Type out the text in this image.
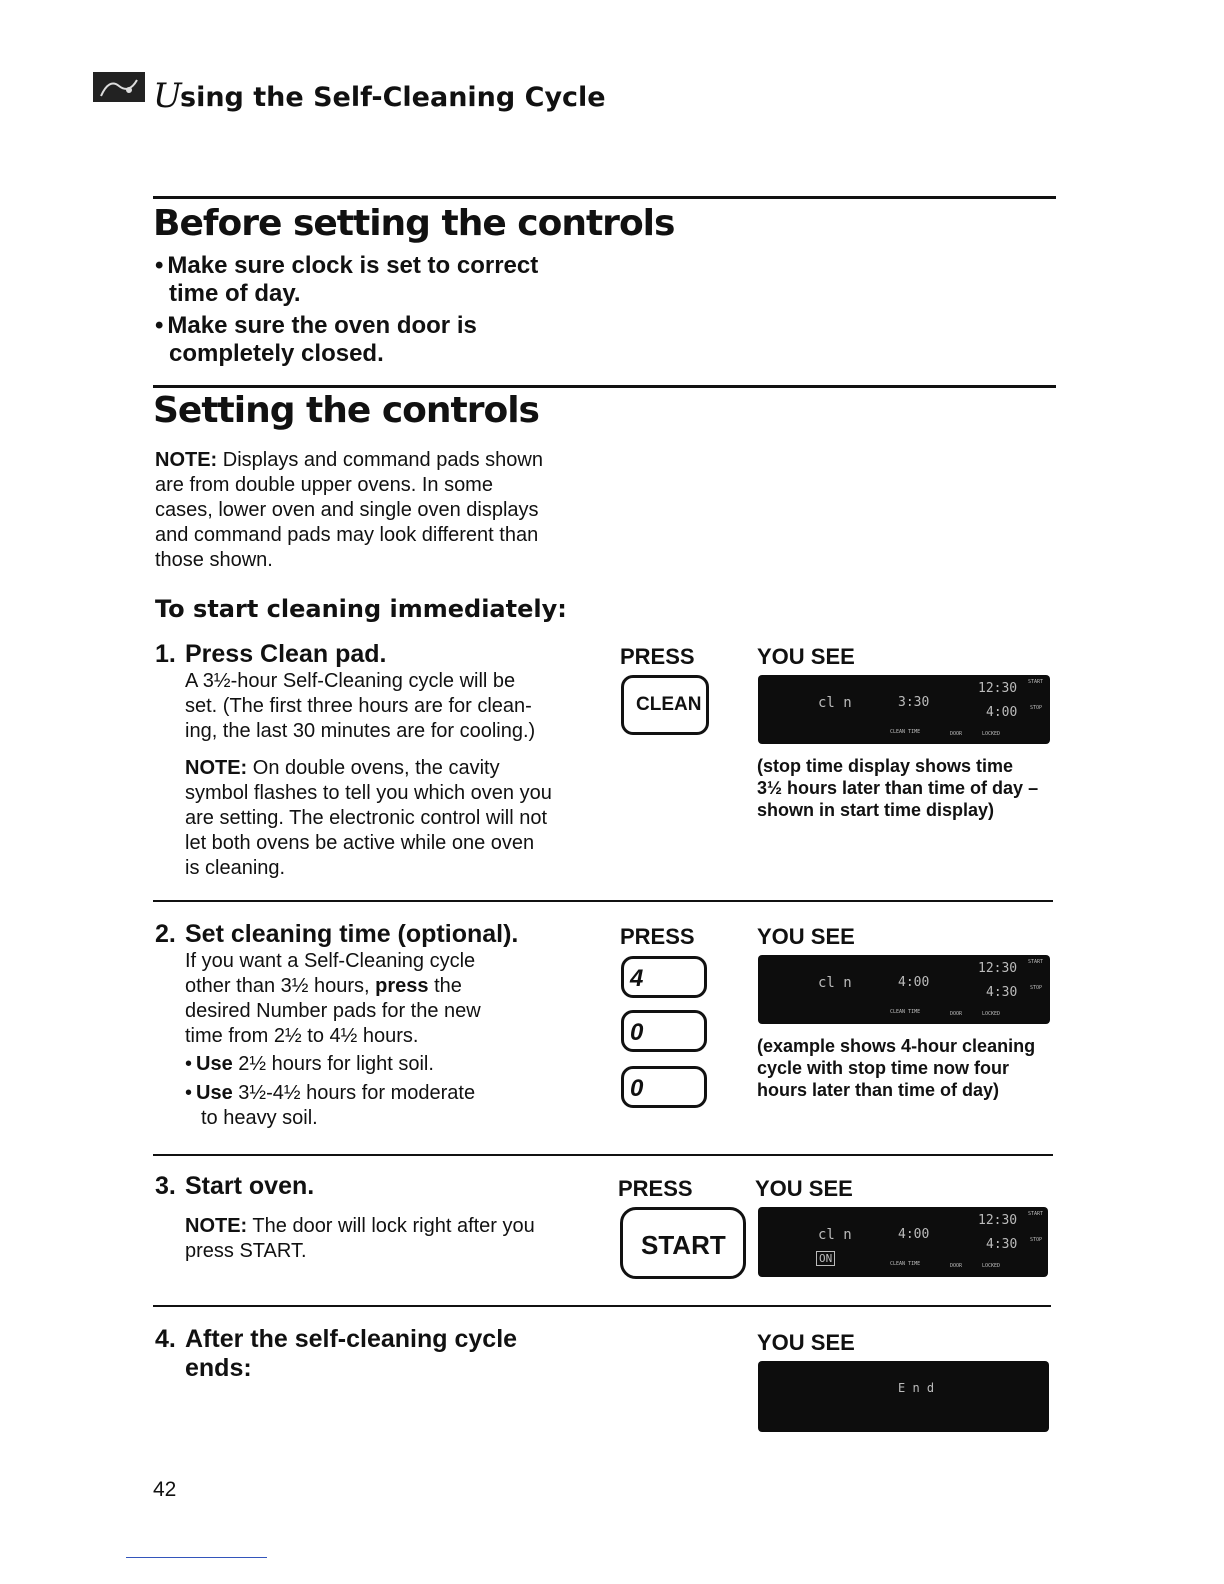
U
sing the Self-Cleaning Cycle
Before setting the controls
• Make sure clock is set to correct
time of day.
• Make sure the oven door is
completely closed.
Setting the controls
NOTE: Displays and command pads shown
are from double upper ovens. In some
cases, lower oven and single oven displays
and command pads may look different than
those shown.
To start cleaning immediately:
1. Press Clean pad.
A 3½-hour Self-Cleaning cycle will be
set. (The first three hours are for clean-
ing, the last 30 minutes are for cooling.)
NOTE: On double ovens, the cavity
symbol flashes to tell you which oven you
are setting. The electronic control will not
let both ovens be active while one oven
is cleaning.
PRESS	YOU SEE
CLEAN	cl n	3:30
12:30 START
4:00	STOP
CLEAN TIME	DOOR	LOCKED
(stop time display shows time
3½ hours later than time of day –
shown in start time display)
2. Set cleaning time (optional).
If you want a Self-Cleaning cycle
other than 3½ hours, press the
desired Number pads for the new
time from 2½ to 4½ hours.
• Use 2½ hours for light soil.
• Use 3½-4½ hours for moderate
to heavy soil.
PRESS	YOU SEE
4
0
0
cl n	4:00
12:30 START
4:30	STOP
CLEAN TIME	DOOR	LOCKED
(example shows 4-hour cleaning
cycle with stop time now four
hours later than time of day)
3. Start oven.
NOTE: The door will lock right after you
press START.
PRESS	YOU SEE
START	cl n	4:00
12:30 START
4:30	STOP
ON	CLEAN TIME	DOOR	LOCKED
4. After the self-cleaning cycle
ends:
YOU SEE
E n d
42
